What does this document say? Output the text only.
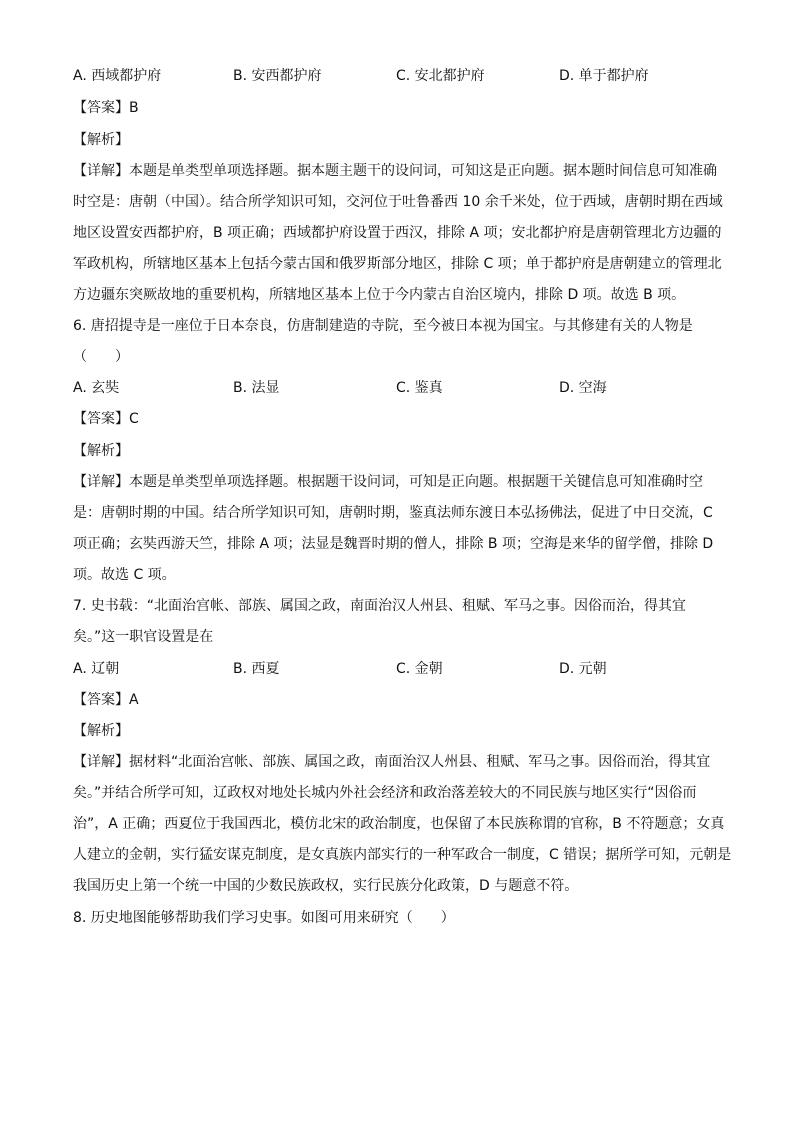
A. 西域都护府	B. 安西都护府	C. 安北都护府	D. 单于都护府
【答案】B
【解析】
【详解】本题是单类型单项选择题。据本题主题干的设问词，可知这是正向题。据本题时间信息可知准确
时空是：唐朝（中国）。结合所学知识可知，交河位于吐鲁番西 10 余千米处，位于西域，唐朝时期在西域
地区设置安西都护府，B 项正确；西域都护府设置于西汉，排除 A 项；安北都护府是唐朝管理北方边疆的
军政机构，所辖地区基本上包括今蒙古国和俄罗斯部分地区，排除 C 项；单于都护府是唐朝建立的管理北
方边疆东突厥故地的重要机构，所辖地区基本上位于今内蒙古自治区境内，排除 D 项。故选 B 项。
6. 唐招提寺是一座位于日本奈良，仿唐制建造的寺院，至今被日本视为国宝。与其修建有关的人物是
（　　）
A. 玄奘	B. 法显	C. 鉴真	D. 空海
【答案】C
【解析】
【详解】本题是单类型单项选择题。根据题干设问词，可知是正向题。根据题干关键信息可知准确时空
是：唐朝时期的中国。结合所学知识可知，唐朝时期，鉴真法师东渡日本弘扬佛法，促进了中日交流，C
项正确；玄奘西游天竺，排除 A 项；法显是魏晋时期的僧人，排除 B 项；空海是来华的留学僧，排除 D
项。故选 C 项。
7. 史书载：“北面治宫帐、部族、属国之政，南面治汉人州县、租赋、军马之事。因俗而治，得其宜
矣。”这一职官设置是在
A. 辽朝	B. 西夏	C. 金朝	D. 元朝
【答案】A
【解析】
【详解】据材料“北面治宫帐、部族、属国之政，南面治汉人州县、租赋、军马之事。因俗而治，得其宜
矣。”并结合所学可知，辽政权对地处长城内外社会经济和政治落差较大的不同民族与地区实行“因俗而
治”，A 正确；西夏位于我国西北，模仿北宋的政治制度，也保留了本民族称谓的官称，B 不符题意；女真
人建立的金朝，实行猛安谋克制度，是女真族内部实行的一种军政合一制度，C 错误；据所学可知，元朝是
我国历史上第一个统一中国的少数民族政权，实行民族分化政策，D 与题意不符。
8. 历史地图能够帮助我们学习史事。如图可用来研究（　　）
